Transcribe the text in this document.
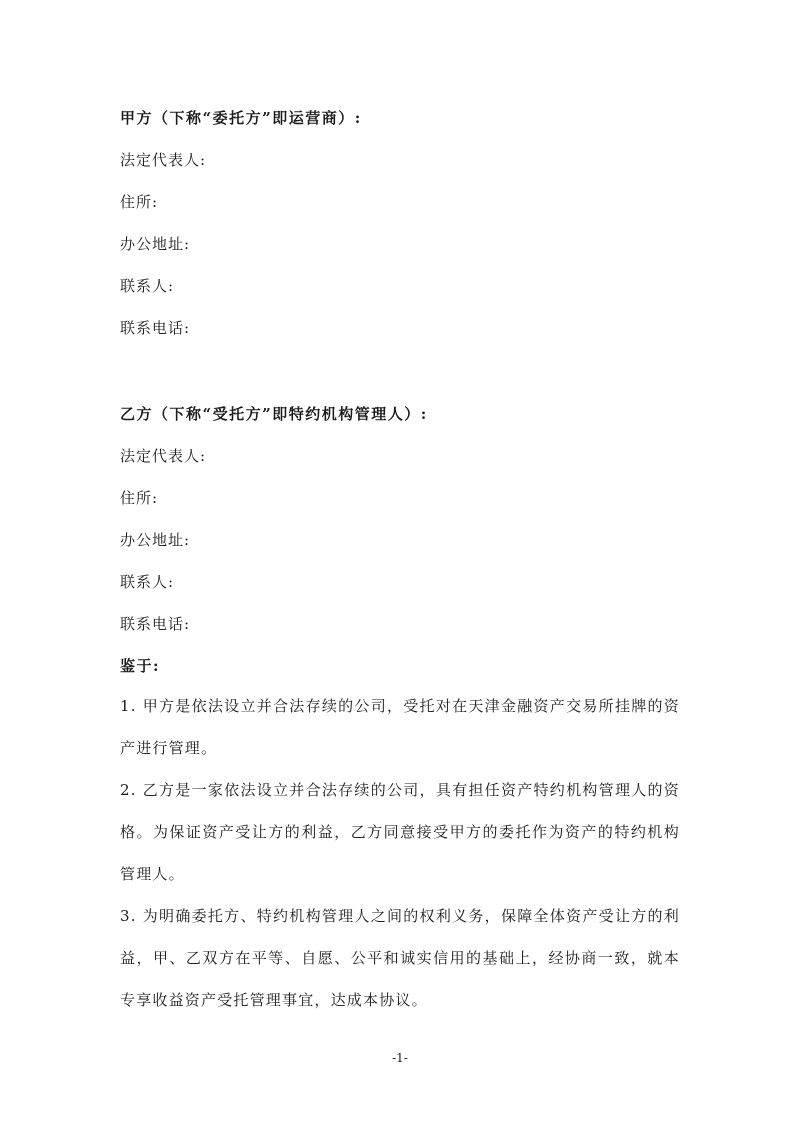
甲方（下称“委托方”即运营商）:
法定代表人:
住所:
办公地址:
联系人:
联系电话:
乙方（下称“受托方”即特约机构管理人）:
法定代表人:
住所:
办公地址:
联系人:
联系电话:
鉴于:
1. 甲方是依法设立并合法存续的公司，受托对在天津金融资产交易所挂牌的资产进行管理。
2. 乙方是一家依法设立并合法存续的公司，具有担任资产特约机构管理人的资格。为保证资产受让方的利益，乙方同意接受甲方的委托作为资产的特约机构管理人。
3. 为明确委托方、特约机构管理人之间的权利义务，保障全体资产受让方的利益，甲、乙双方在平等、自愿、公平和诚实信用的基础上，经协商一致，就本专享收益资产受托管理事宜，达成本协议。
-1-
